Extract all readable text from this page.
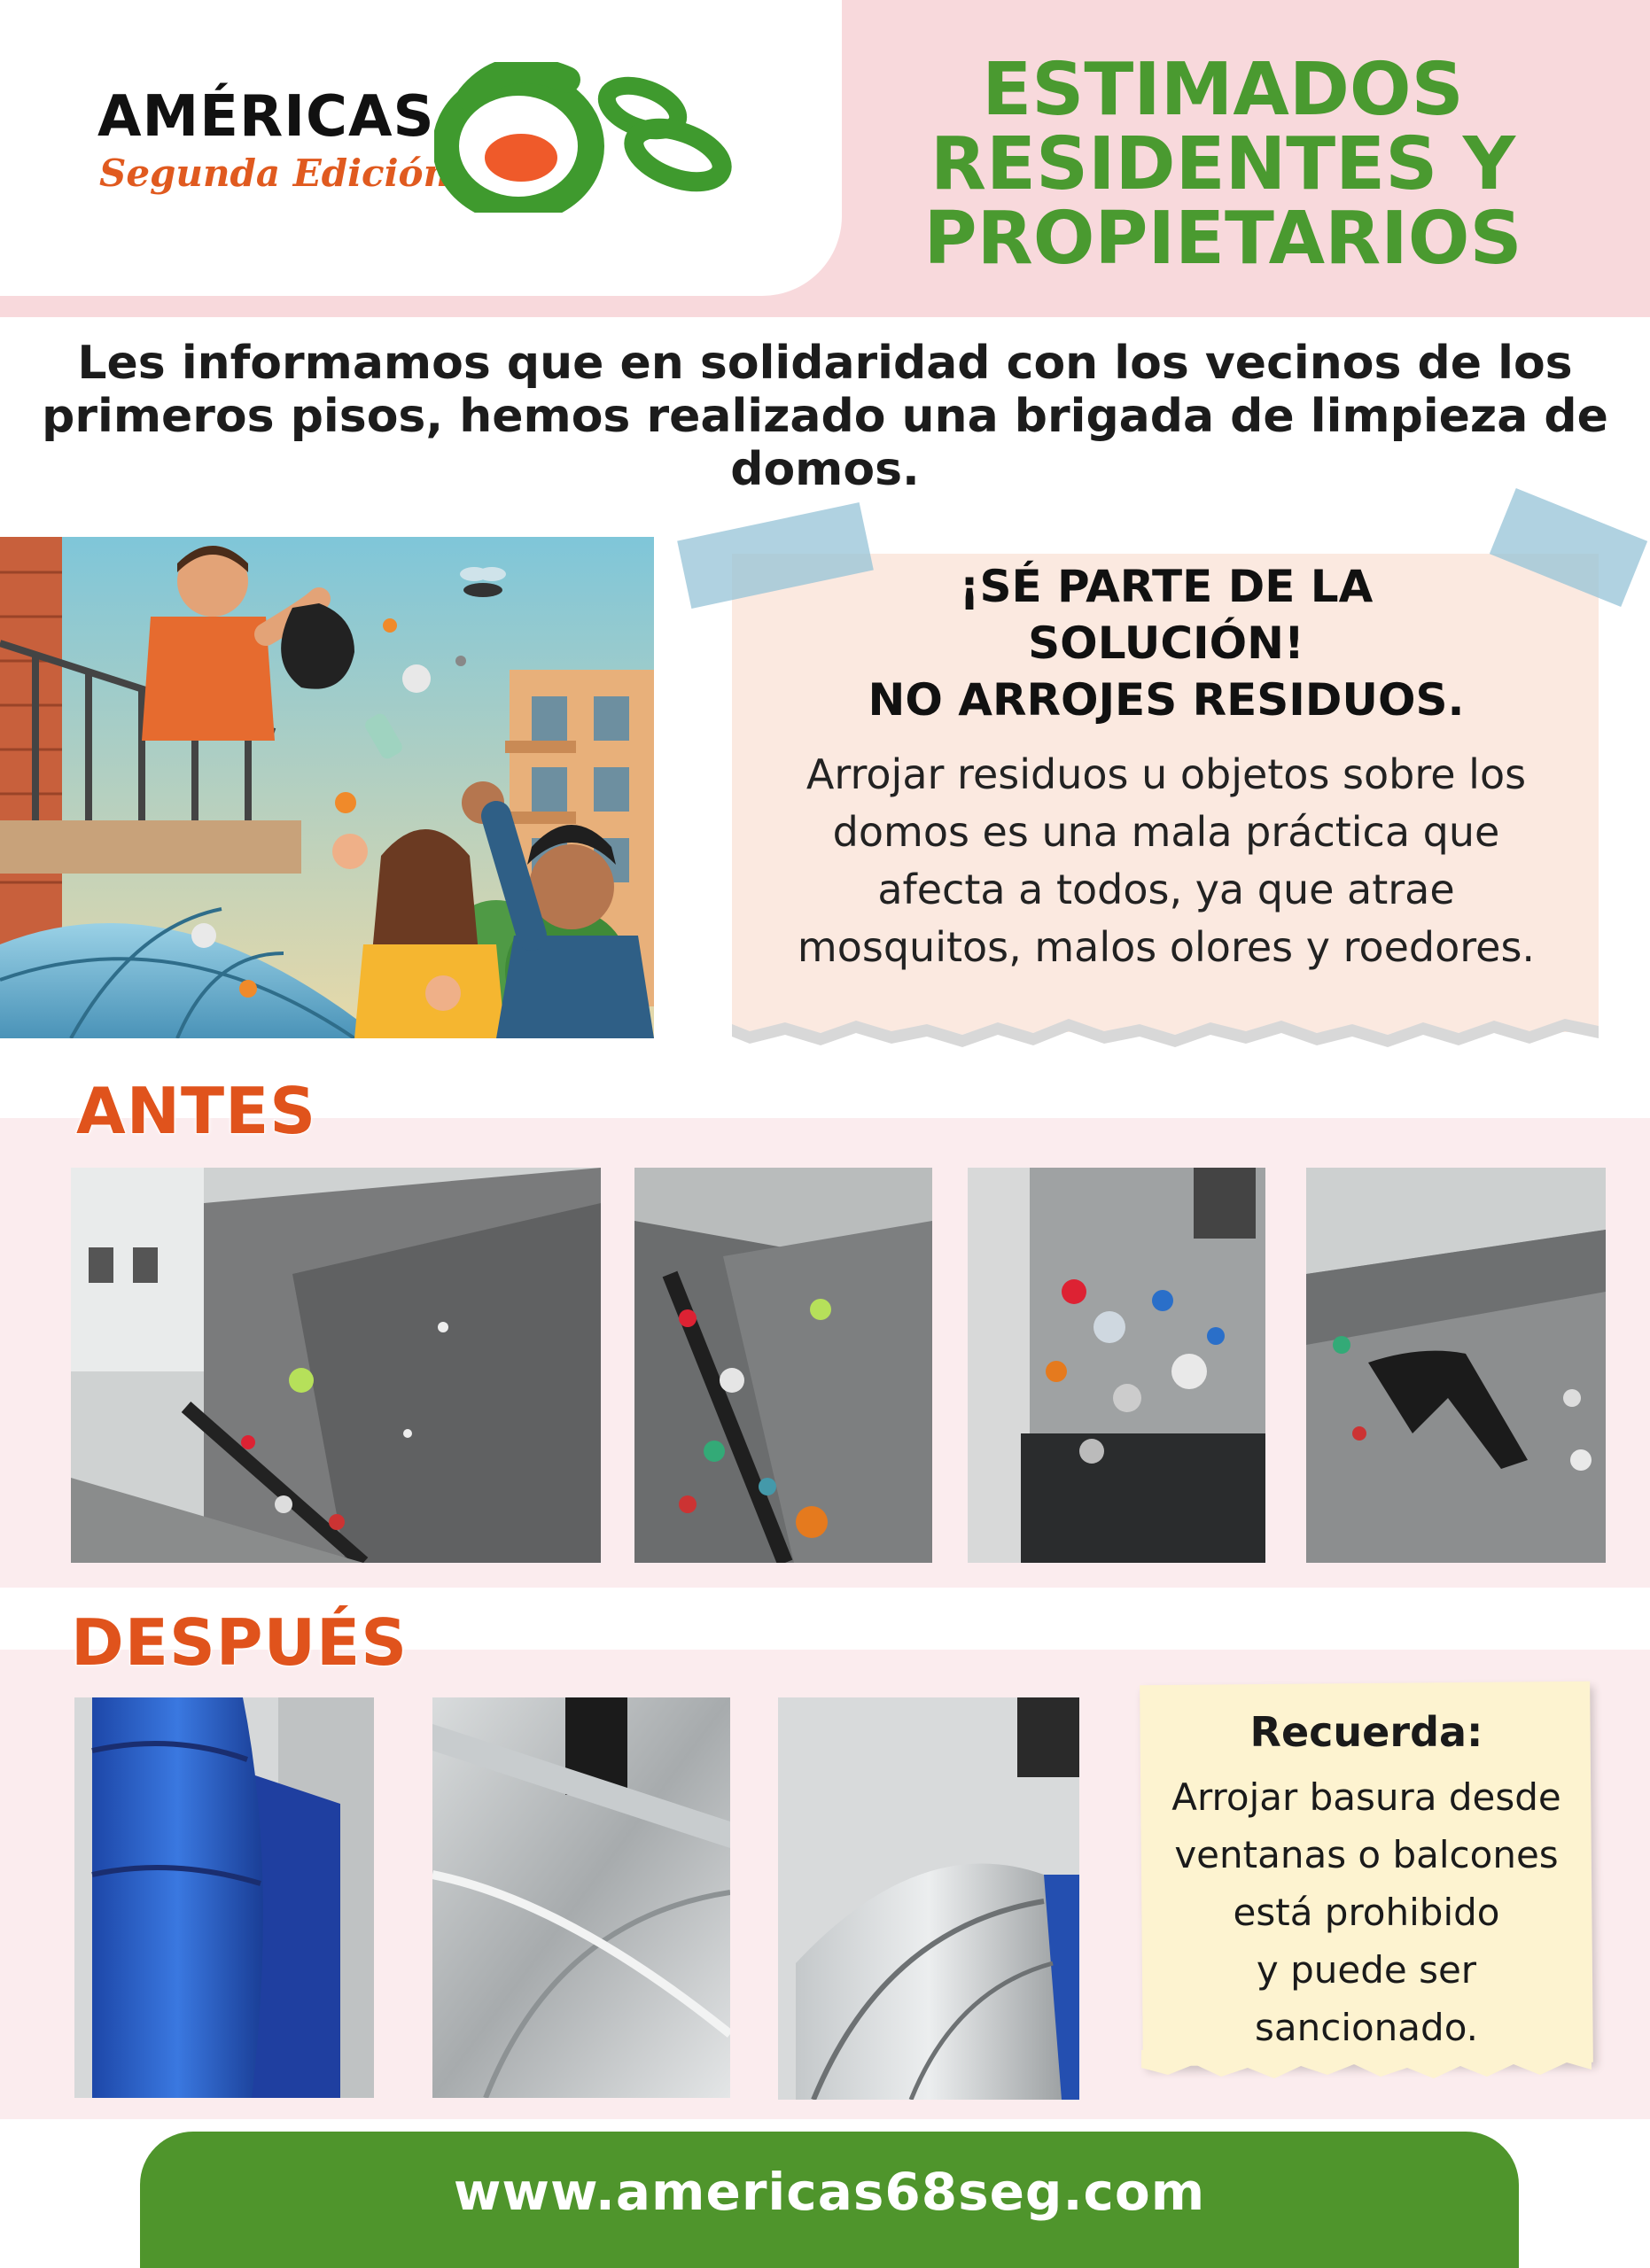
AMÉRICAS
Segunda Edición
ESTIMADOS
RESIDENTES Y
PROPIETARIOS
Les informamos que en solidaridad con los vecinos de los
primeros pisos, hemos realizado una brigada de limpieza de
domos.
¡SÉ PARTE DE LA
SOLUCIÓN!
NO ARROJES RESIDUOS.
Arrojar residuos u objetos sobre los
domos es una mala práctica que
afecta a todos, ya que atrae
mosquitos, malos olores y roedores.
ANTES
DESPUÉS
Recuerda:
Arrojar basura desde
ventanas o balcones
está prohibido
y puede ser
sancionado.
www.americas68seg.com
